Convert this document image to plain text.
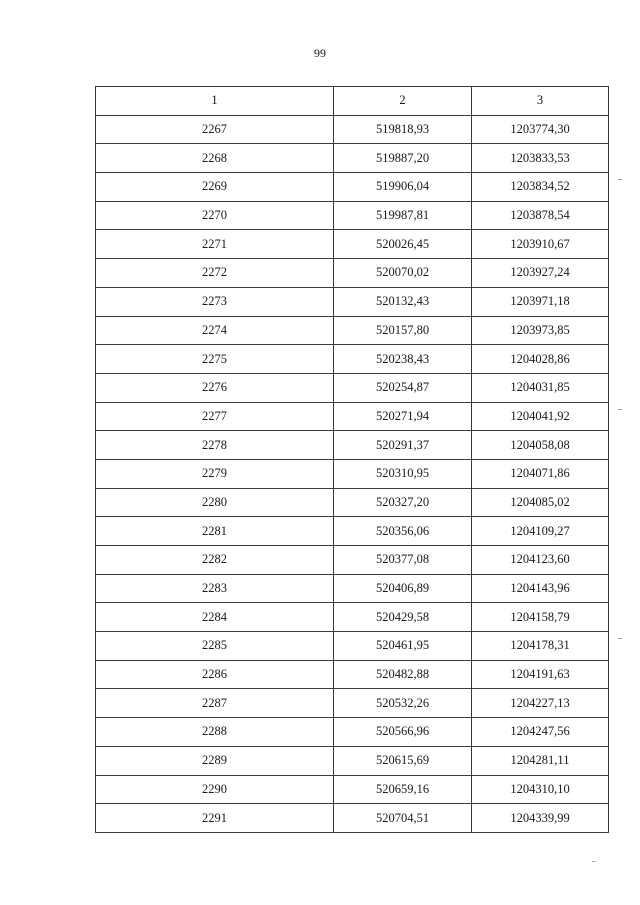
99
1	2	3
2267	519818,93	1203774,30
2268	519887,20	1203833,53
2269	519906,04	1203834,52 ‾

2270	519987,81	1203878,54
2271	520026,45	1203910,67
2272	520070,02	1203927,24
2273	520132,43	1203971,18
2274	520157,80	1203973,85
2275	520238,43	1204028,86
2276	520254,87	1204031,85
2277	520271,94	1204041,92 ‾

2278	520291,37	1204058,08
2279	520310,95	1204071,86
2280	520327,20	1204085,02
2281	520356,06	1204109,27
2282	520377,08	1204123,60
2283	520406,89	1204143,96
2284	520429,58	1204158,79
2285	520461,95	1204178,31 ‾

2286	520482,88	1204191,63
2287	520532,26	1204227,13
2288	520566,96	1204247,56
2289	520615,69	1204281,11
2290	520659,16	1204310,10
2291	520704,51	1204339,99
‾
